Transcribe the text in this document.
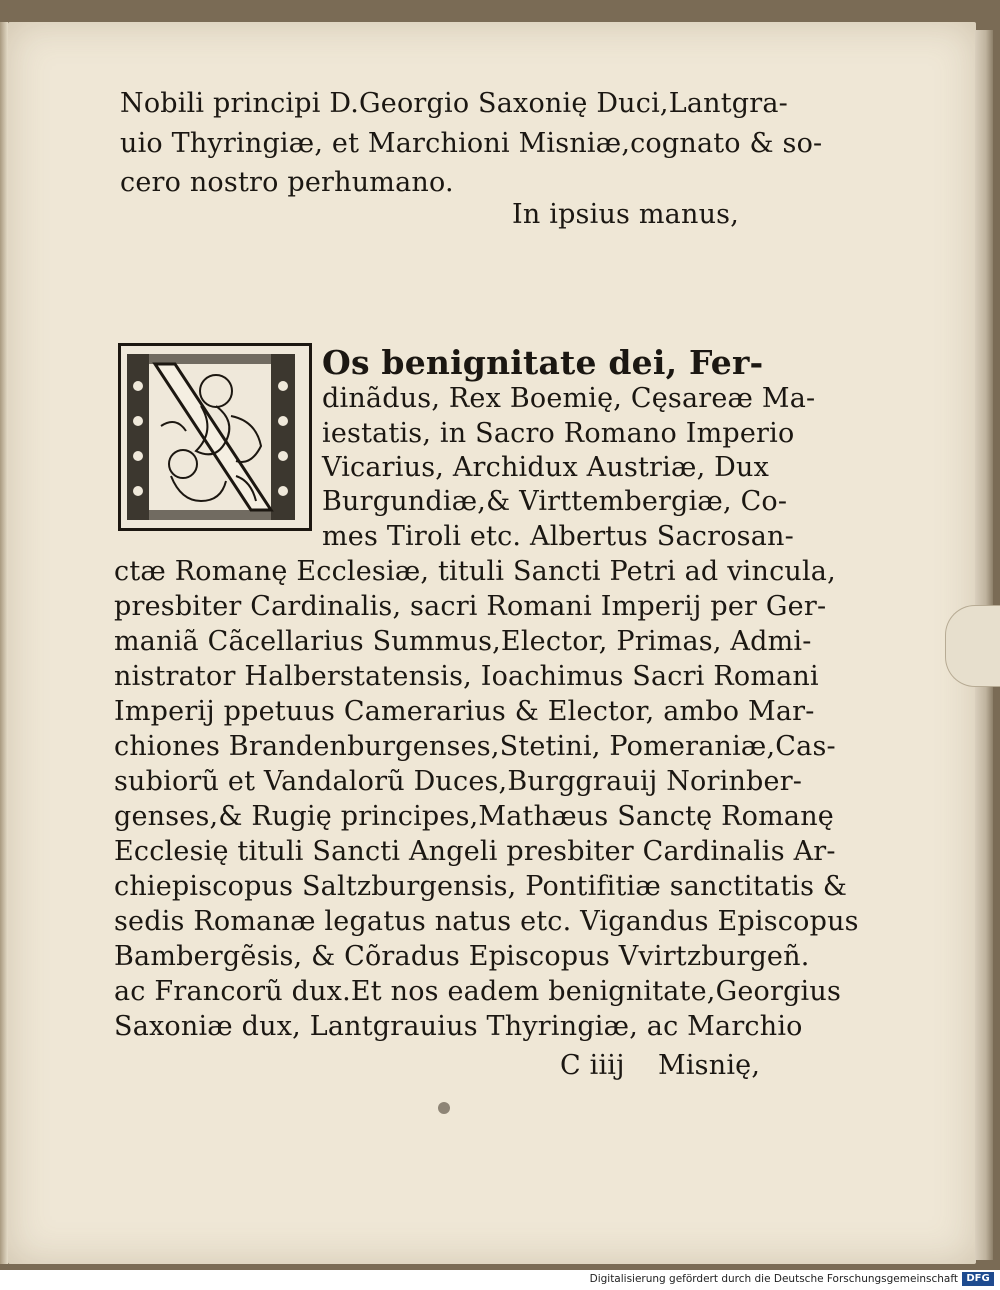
Nobili principi D.Georgio Saxonię Duci,Lantgra-
uio Thyringiæ, et Marchioni Misniæ,cognato & so-
cero nostro perhumano.
In ipsius manus,
Os benignitate dei, Fer-
dinãdus, Rex Boemię, Cęsareæ Ma-
iestatis, in Sacro Romano Imperio
Vicarius, Archidux Austriæ, Dux
Burgundiæ,& Virttembergiæ, Co-
mes Tiroli etc. Albertus Sacrosan-
ctæ Romanę Ecclesiæ, tituli Sancti Petri ad vincula,
presbiter Cardinalis, sacri Romani Imperij per Ger-
maniã Cãcellarius Summus,Elector, Primas, Admi-
nistrator Halberstatensis, Ioachimus Sacri Romani
Imperij ppetuus Camerarius & Elector, ambo Mar-
chiones Brandenburgenses,Stetini, Pomeraniæ,Cas-
subiorũ et Vandalorũ Duces,Burggrauij Norinber-
genses,& Rugię principes,Mathæus Sanctę Romanę
Ecclesię tituli Sancti Angeli presbiter Cardinalis Ar-
chiepiscopus Saltzburgensis, Pontifitiæ sanctitatis &
sedis Romanæ legatus natus etc. Vigandus Episcopus
Bambergẽsis, & Cõradus Episcopus Vvirtzburgeñ.
ac Francorũ dux.Et nos eadem benignitate,Georgius
Saxoniæ dux, Lantgrauius Thyringiæ, ac Marchio
C iiij Misnię,
Digitalisierung gefördert durch die Deutsche Forschungsgemeinschaft DFG
